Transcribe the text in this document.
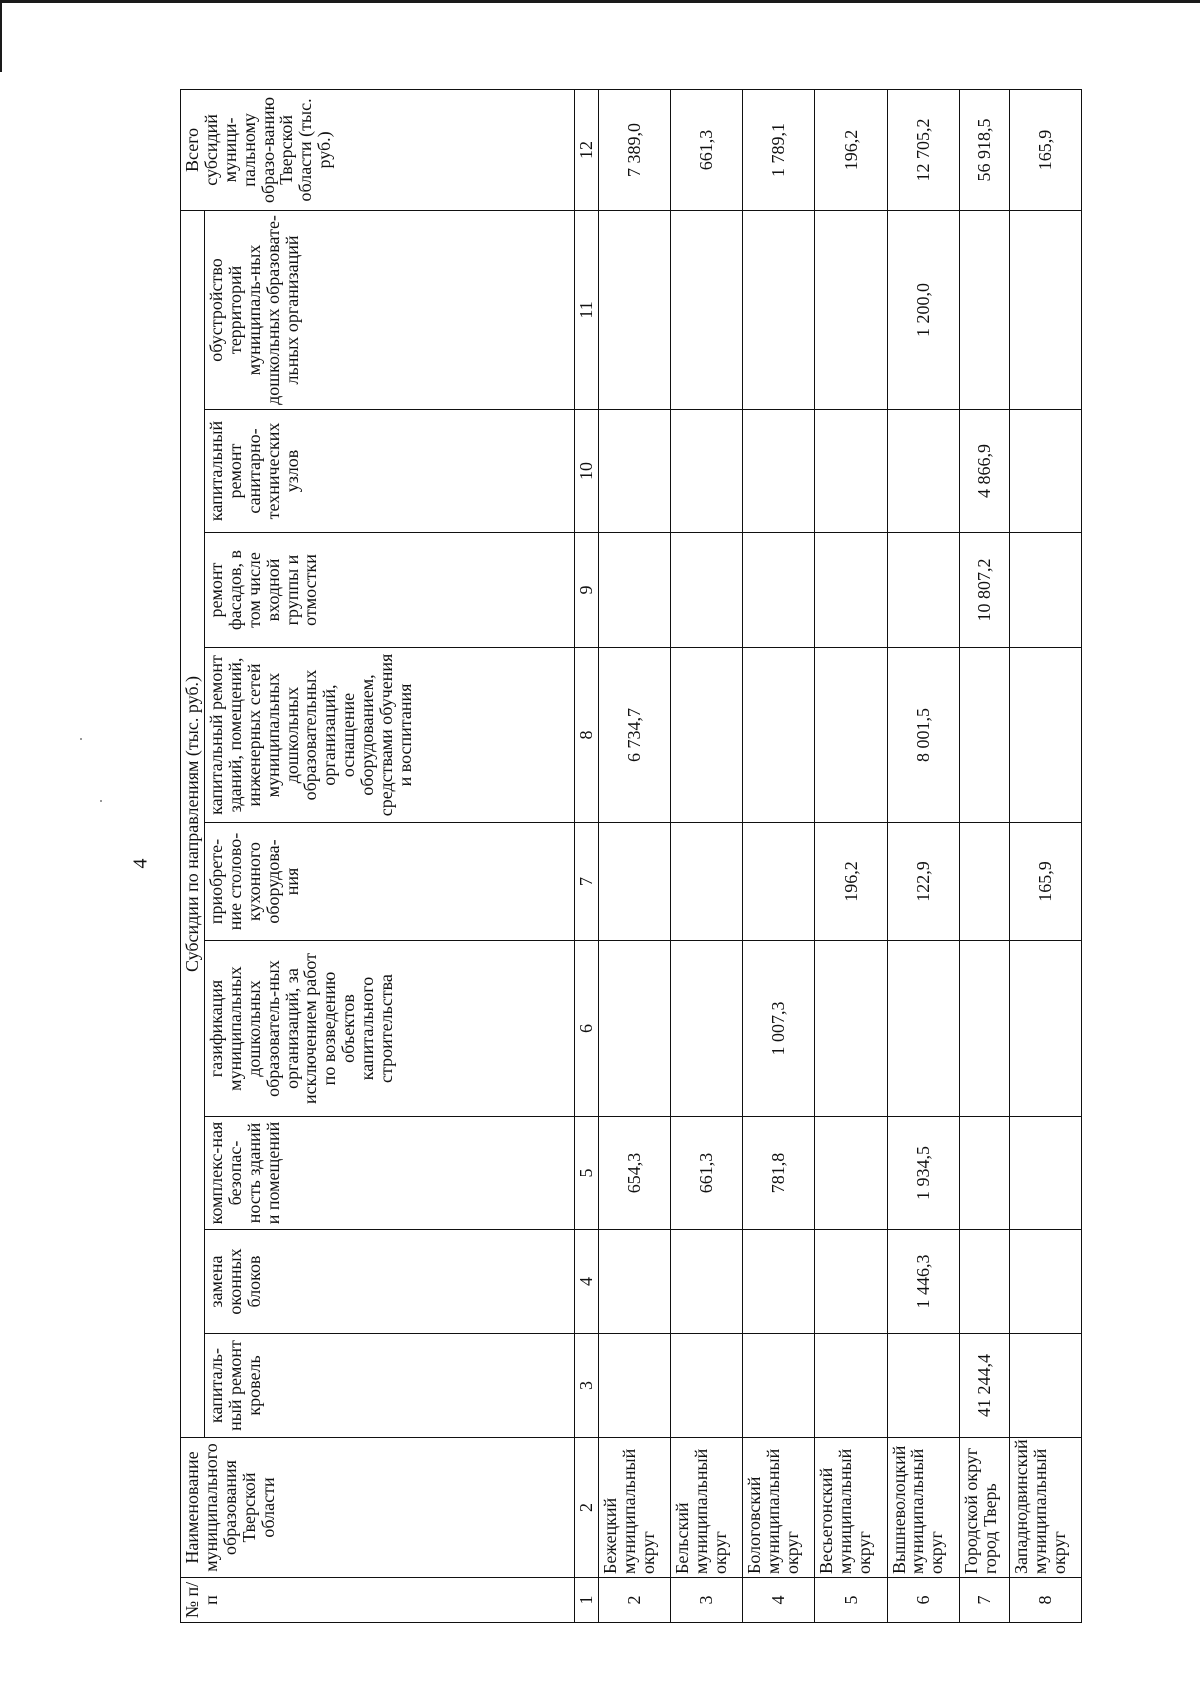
4
№ п/п	Наименование муниципального образования Тверской области	Субсидии по направлениям (тыс. руб.)									Всего субсидий муници-пальному образо-ванию Тверской области (тыс. руб.)
		капиталь-ный ремонт кровель	замена оконных блоков	комплекс-ная безопас-ность зданий и помещений	газификация муниципальных дошкольных образователь-ных организаций, за исключением работ по возведению объектов капитального строительства	приобрете-ние столово-кухонного оборудова-ния	капитальный ремонт зданий, помещений, инженерных сетей муниципальных дошкольных образовательных организаций, оснащение оборудованием, средствами обучения и воспитания	ремонт фасадов, в том числе входной группы и отмостки	капитальный ремонт санитарно-технических узлов	обустройство территорий муниципаль-ных дошкольных образовате-льных организаций	
1	2	3	4	5	6	7	8	9	10	11	12
2	Бежецкий муниципальный округ			654,3			6 734,7				7 389,0
3	Бельский муниципальный округ			661,3							661,3
4	Бологовский муниципальный округ			781,8	1 007,3						1 789,1
5	Весьегонский муниципальный округ					196,2					196,2
6	Вышневолоцкий муниципальный округ		1 446,3	1 934,5		122,9	8 001,5			1 200,0	12 705,2
7	Городской округ город Тверь	41 244,4						10 807,2	4 866,9		56 918,5
8	Западнодвинский муниципальный округ					165,9					165,9
